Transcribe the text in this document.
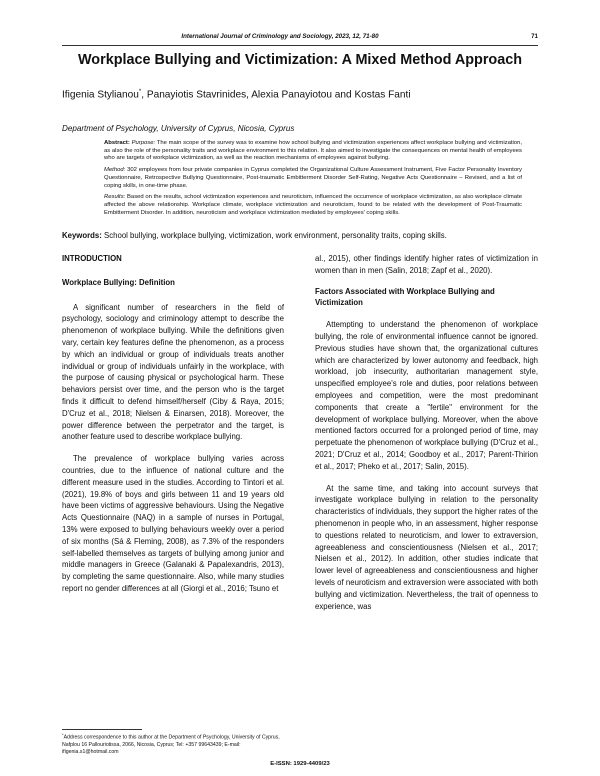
International Journal of Criminology and Sociology, 2023, 12, 71-80	71
Workplace Bullying and Victimization: A Mixed Method Approach
Ifigenia Stylianou*, Panayiotis Stavrinides, Alexia Panayiotou and Kostas Fanti
Department of Psychology, University of Cyprus, Nicosia, Cyprus

Abstract: Purpose: The main scope of the survey was to examine how school bullying and victimization experiences affect workplace bullying and victimization, as also the role of the personality traits and workplace environment to this relation. It also aimed to investigate the consequences on mental health of employees who are targets of workplace victimization, as well as the reaction mechanisms of employees against bullying.

Method: 302 employees from four private companies in Cyprus completed the Organizational Culture Assessment Instrument, Five Factor Personality Inventory Questionnaire, Retrospective Bullying Questionnaire, Post-traumatic Embitterment Disorder Self-Rating, Negative Acts Questionnaire – Revised, and a list of coping skills, in one-time phase.

Results: Based on the results, school victimization experiences and neuroticism, influenced the occurrence of workplace victimization, as also workplace climate affected the above relationship. Workplace climate, workplace victimization and neuroticism, found to be related with the development of Post-Traumatic Embitterment Disorder. In addition, neuroticism and workplace victimization mediated by employees' coping skills.

Keywords: School bullying, workplace bullying, victimization, work environment, personality traits, coping skills.
INTRODUCTION
Workplace Bullying: Definition

A significant number of researchers in the field of psychology, sociology and criminology attempt to describe the phenomenon of workplace bullying. While the definitions given vary, certain key features define the phenomenon, as a process by which an individual or group of individuals treats another individual or group of individuals unfairly in the workplace, with the purpose of causing physical or psychological harm. These behaviors persist over time, and the person who is the target finds it difficult to defend himself/herself (Ciby & Raya, 2015; D'Cruz et al., 2018; Nielsen & Einarsen, 2018). Moreover, the power difference between the perpetrator and the target, is another feature used to describe workplace bullying.

The prevalence of workplace bullying varies across countries, due to the influence of national culture and the different measure used in the studies. According to Tintori et al. (2021), 19.8% of boys and girls between 11 and 19 years old have been victims of aggressive behaviours. Using the Negative Acts Questionnaire (NAQ) in a sample of nurses in Portugal, 13% were exposed to bullying behaviours weekly over a period of six months (Sá & Fleming, 2008), as 7.3% of the responders self-labelled themselves as targets of bullying among junior and middle managers in Greece (Galanaki & Papalexandris, 2013), by completing the same questionnaire. Also, while many studies report no gender differences at all (Giorgi et al., 2016; Tsuno et

al., 2015), other findings identify higher rates of victimization in women than in men (Salin, 2018; Zapf et al., 2020).

Factors Associated with Workplace Bullying and Victimization

Attempting to understand the phenomenon of workplace bullying, the role of environmental influence cannot be ignored. Previous studies have shown that, the organizational cultures which are characterized by lower autonomy and feedback, high workload, job insecurity, authoritarian management style, unspecified employee's role and duties, poor relations between employees and competition, were the most predominant components that create a "fertile" environment for the development of workplace bullying. Moreover, when the above mentioned factors occurred for a prolonged period of time, may perpetuate the phenomenon of workplace bullying (D'Cruz et al., 2021; D'Cruz et al., 2014; Goodboy et al., 2017; Parent-Thirion et al., 2017; Pheko et al., 2017; Salin, 2015).

At the same time, and taking into account surveys that investigate workplace bullying in relation to the personality characteristics of individuals, they support the higher rates of the phenomenon in people who, in an assessment, higher response to questions related to neuroticism, and lower to extraversion, agreeableness and conscientiousness (Nielsen et al., 2017; Nielsen et al., 2012). In addition, other studies indicate that lower level of agreeableness and conscientiousness and higher levels of neuroticism and extraversion were associated with both bullying and victimization. Nevertheless, the trait of openness to experience, was

*Address correspondence to this author at the Department of Psychology, University of Cyprus, Nafplou 16 Pallouriotissa, 2066, Nicosia, Cyprus; Tel: +357 99643439; E-mail: ifigenia.s1@hotmail.com
E-ISSN: 1929-4409/23
